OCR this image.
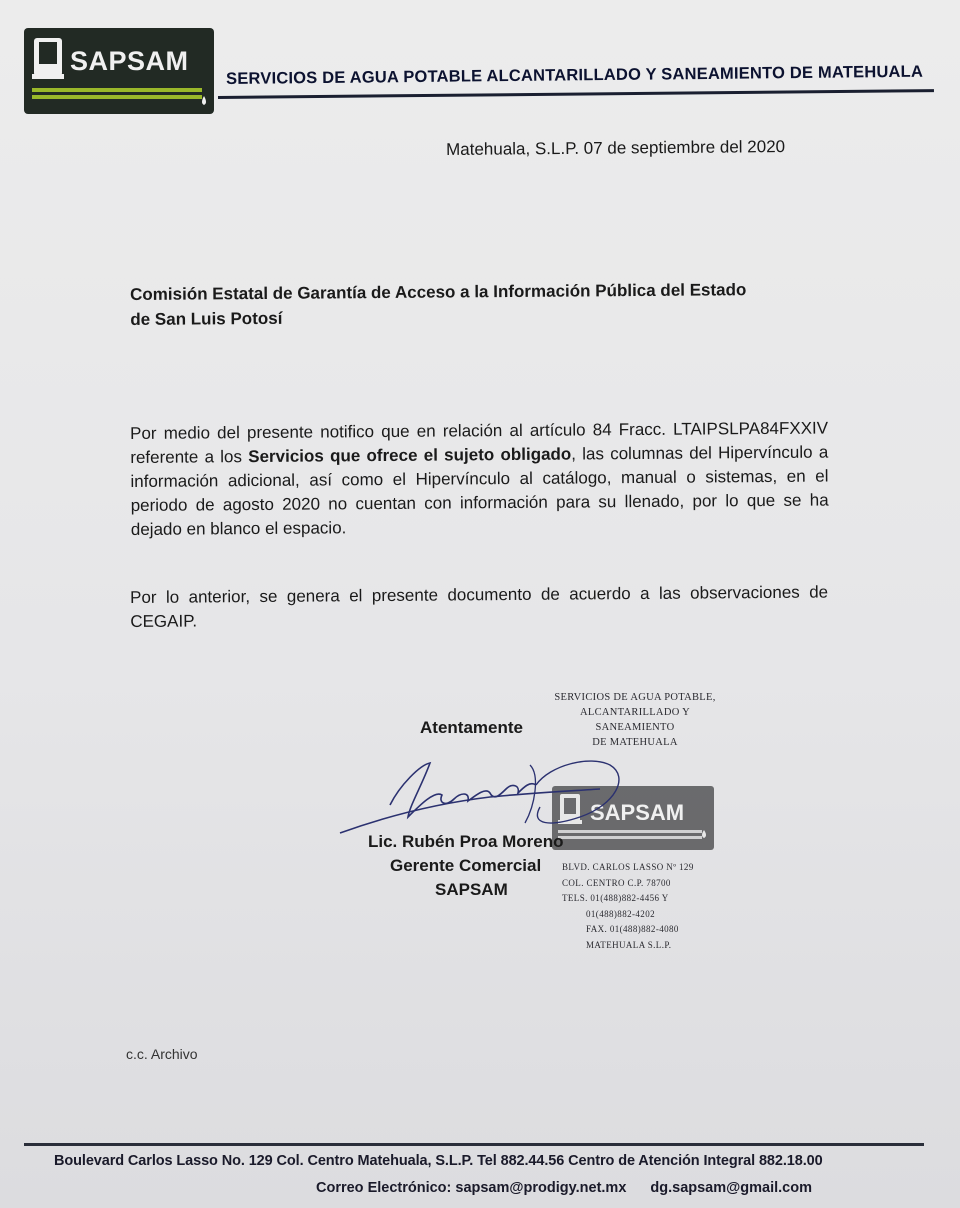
SAPSAM SERVICIOS DE AGUA POTABLE ALCANTARILLADO Y SANEAMIENTO DE MATEHUALA
Matehuala, S.L.P. 07 de septiembre del 2020
Comisión Estatal de Garantía de Acceso a la Información Pública del Estado
de San Luis Potosí
Por medio del presente notifico que en relación al artículo 84 Fracc. LTAIPSLPA84FXXIV referente a los Servicios que ofrece el sujeto obligado, las columnas del Hipervínculo a información adicional, así como el Hipervínculo al catálogo, manual o sistemas, en el periodo de agosto 2020 no cuentan con información para su llenado, por lo que se ha dejado en blanco el espacio.
Por lo anterior, se genera el presente documento de acuerdo a las observaciones de CEGAIP.
SERVICIOS DE AGUA POTABLE,
ALCANTARILLADO Y
SANEAMIENTO
DE MATEHUALA
Atentamente
SAPSAM
Lic. Rubén Proa Moreno
Gerente Comercial
SAPSAM
BLVD. CARLOS LASSO Nº 129
COL. CENTRO C.P. 78700
TELS. 01(488)882-4456 Y
01(488)882-4202
FAX. 01(488)882-4080
MATEHUALA S.L.P.
c.c. Archivo
Boulevard Carlos Lasso No. 129 Col. Centro Matehuala, S.L.P. Tel 882.44.56 Centro de Atención Integral 882.18.00
Correo Electrónico: sapsam@prodigy.net.mx dg.sapsam@gmail.com
